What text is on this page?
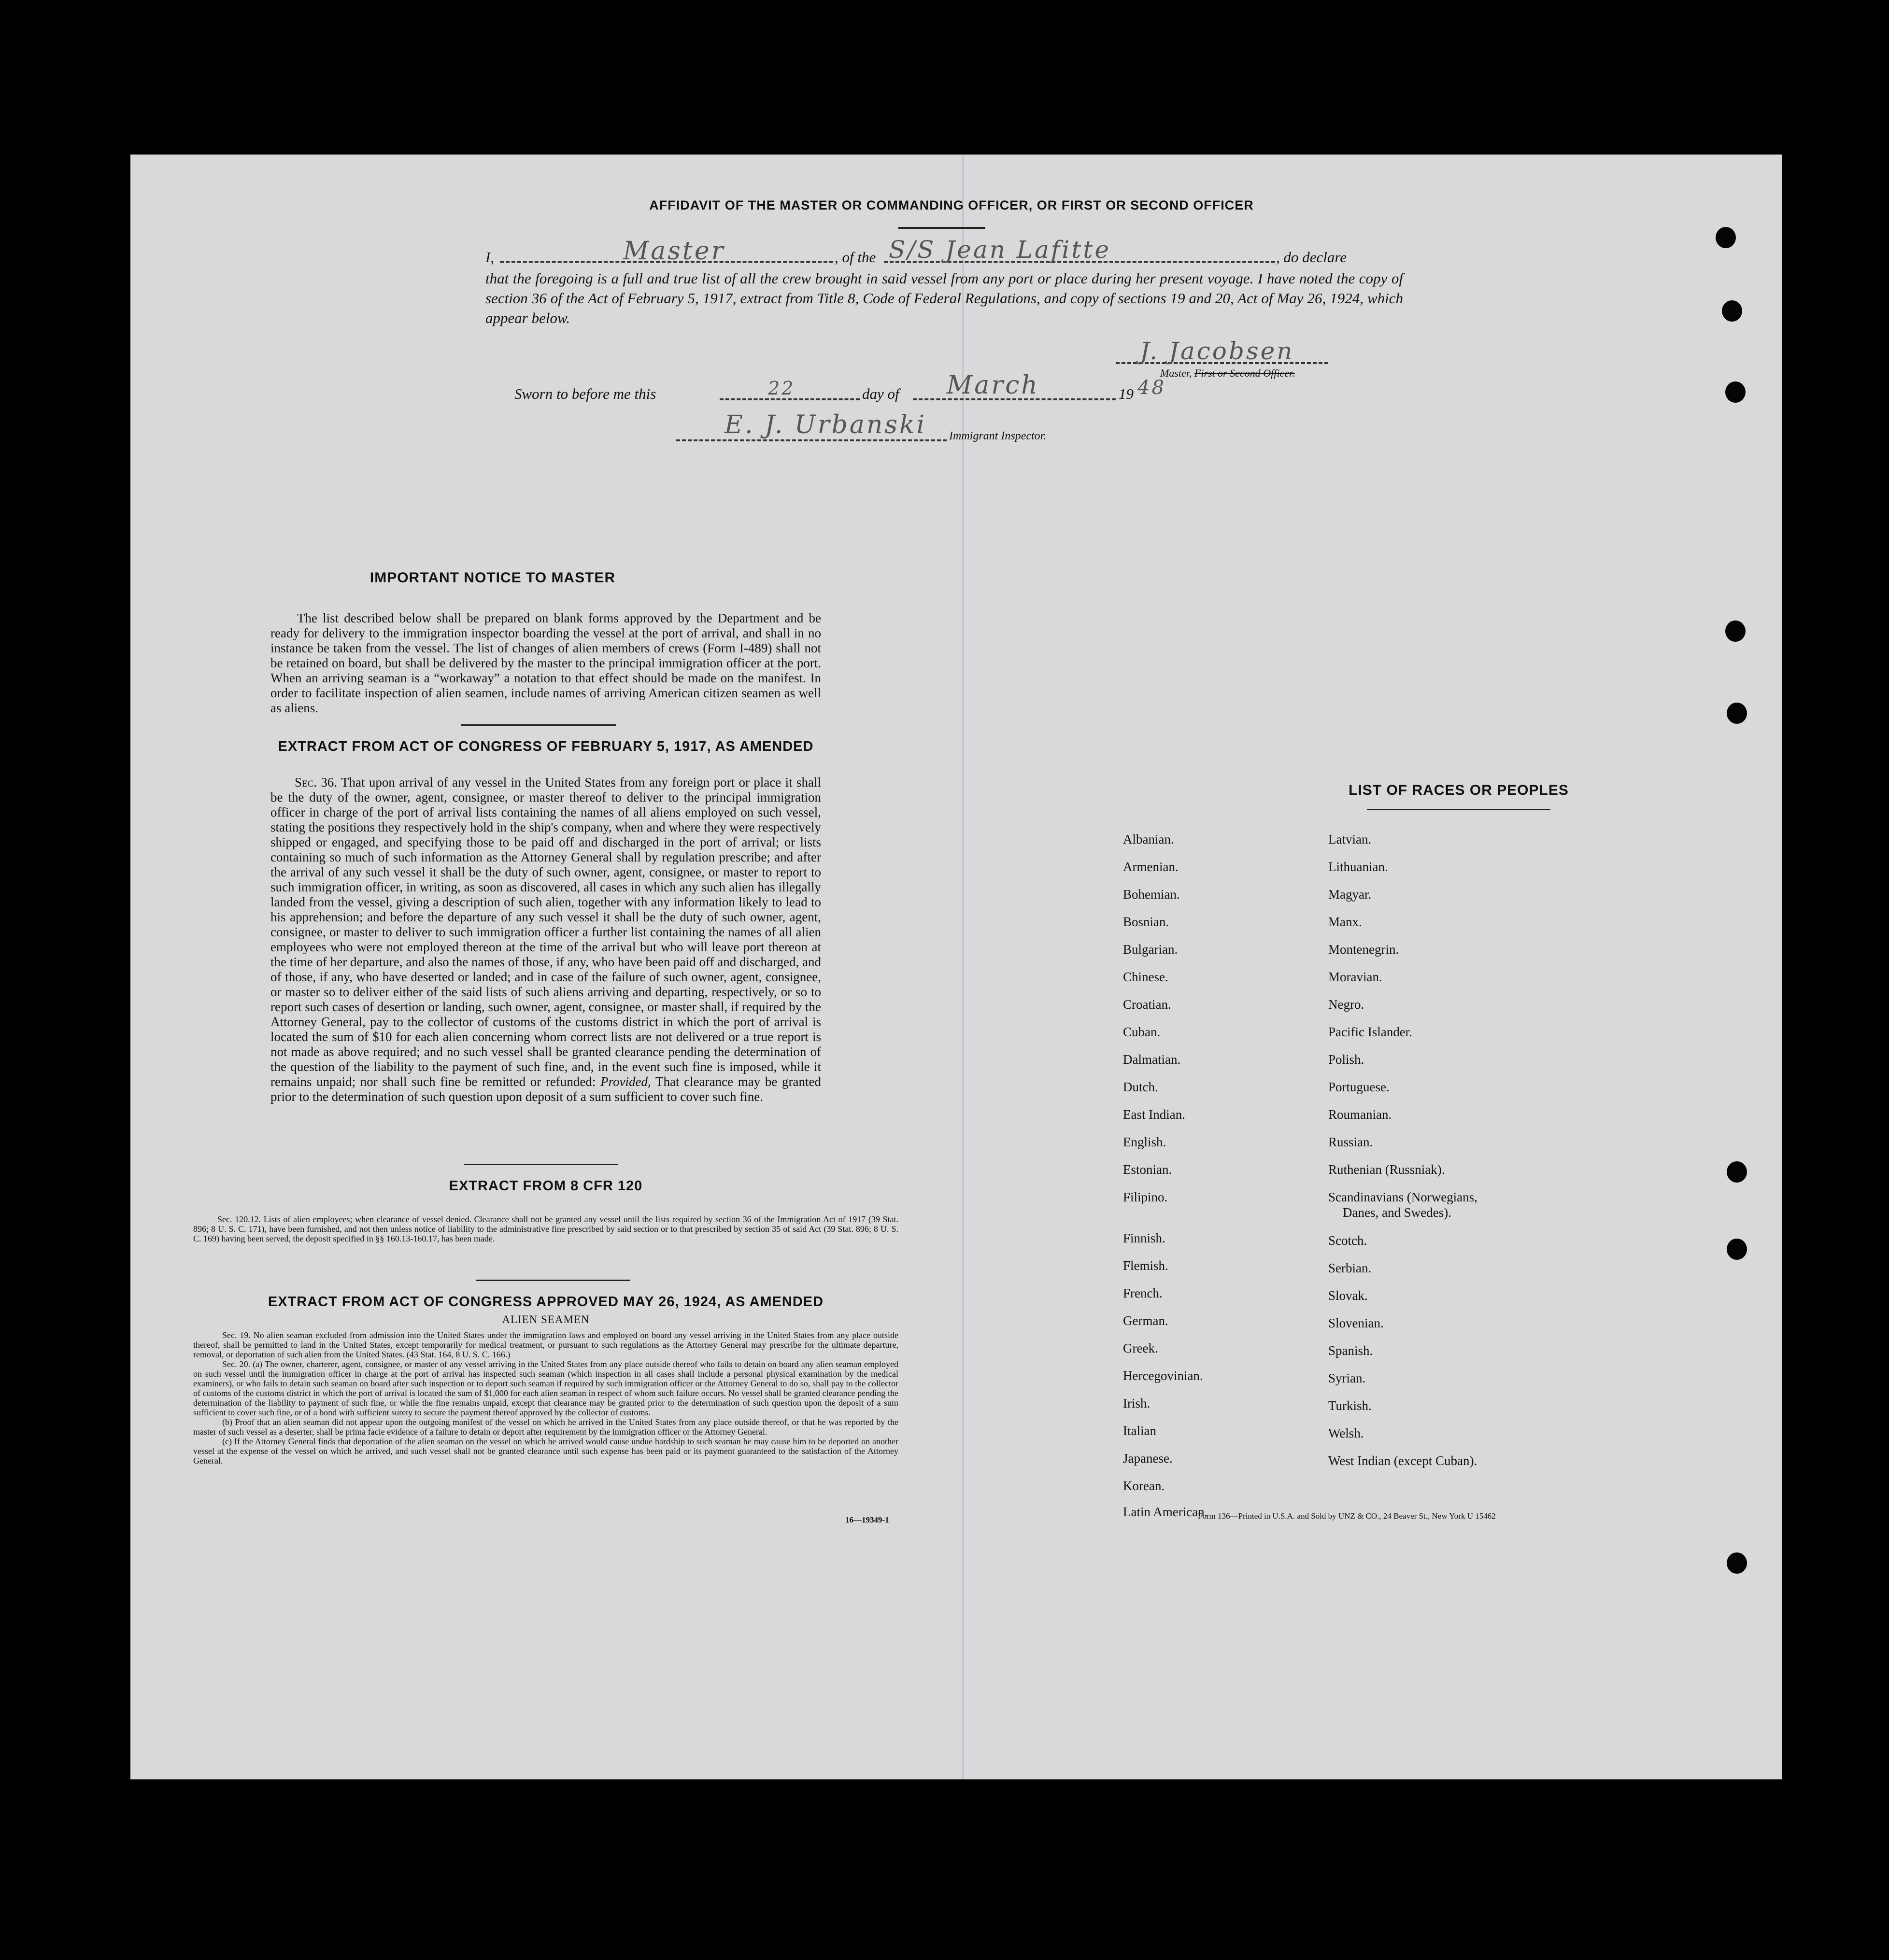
AFFIDAVIT OF THE MASTER OR COMMANDING OFFICER, OR FIRST OR SECOND OFFICER
I,	Master	, of the S/S Jean Lafitte	, do declare
that the foregoing is a full and true list of all the crew brought in said vessel from any port or place during her present voyage. I have noted the copy of section 36 of the Act of February 5, 1917, extract from Title 8, Code of Federal Regulations, and copy of sections 19 and 20, Act of May 26, 1924, which appear below.
J. Jacobsen
Master, First or Second Officer.
Sworn to before me this	22	day of March	19 48
E. J. Urbanski Immigrant Inspector.
IMPORTANT NOTICE TO MASTER
The list described below shall be prepared on blank forms approved by the Department and be ready for delivery to the immigration inspector boarding the vessel at the port of arrival, and shall in no instance be taken from the vessel. The list of changes of alien members of crews (Form I-489) shall not be retained on board, but shall be delivered by the master to the principal immigration officer at the port. When an arriving seaman is a “workaway” a notation to that effect should be made on the manifest. In order to facilitate inspection of alien seamen, include names of arriving American citizen seamen as well as aliens.
EXTRACT FROM ACT OF CONGRESS OF FEBRUARY 5, 1917, AS AMENDED
Sec. 36. That upon arrival of any vessel in the United States from any foreign port or place it shall be the duty of the owner, agent, consignee, or master thereof to deliver to the principal immigration officer in charge of the port of arrival lists containing the names of all aliens employed on such vessel, stating the positions they respectively hold in the ship's company, when and where they were respectively shipped or engaged, and specifying those to be paid off and discharged in the port of arrival; or lists containing so much of such information as the Attorney General shall by regulation prescribe; and after the arrival of any such vessel it shall be the duty of such owner, agent, consignee, or master to report to such immigration officer, in writing, as soon as discovered, all cases in which any such alien has illegally landed from the vessel, giving a description of such alien, together with any information likely to lead to his apprehension; and before the departure of any such vessel it shall be the duty of such owner, agent, consignee, or master to deliver to such immigration officer a further list containing the names of all alien employees who were not employed thereon at the time of the arrival but who will leave port thereon at the time of her departure, and also the names of those, if any, who have been paid off and discharged, and of those, if any, who have deserted or landed; and in case of the failure of such owner, agent, consignee, or master so to deliver either of the said lists of such aliens arriving and departing, respectively, or so to report such cases of desertion or landing, such owner, agent, consignee, or master shall, if required by the Attorney General, pay to the collector of customs of the customs district in which the port of arrival is located the sum of $10 for each alien concerning whom correct lists are not delivered or a true report is not made as above required; and no such vessel shall be granted clearance pending the determination of the question of the liability to the payment of such fine, and, in the event such fine is imposed, while it remains unpaid; nor shall such fine be remitted or refunded: Provided, That clearance may be granted prior to the determination of such question upon deposit of a sum sufficient to cover such fine.
EXTRACT FROM 8 CFR 120
Sec. 120.12. Lists of alien employees; when clearance of vessel denied. Clearance shall not be granted any vessel until the lists required by section 36 of the Immigration Act of 1917 (39 Stat. 896; 8 U. S. C. 171), have been furnished, and not then unless notice of liability to the administrative fine prescribed by said section or to that prescribed by section 35 of said Act (39 Stat. 896; 8 U. S. C. 169) having been served, the deposit specified in §§ 160.13-160.17, has been made.
EXTRACT FROM ACT OF CONGRESS APPROVED MAY 26, 1924, AS AMENDED
ALIEN SEAMEN
Sec. 19. No alien seaman excluded from admission into the United States under the immigration laws and employed on board any vessel arriving in the United States from any place outside thereof, shall be permitted to land in the United States, except temporarily for medical treatment, or pursuant to such regulations as the Attorney General may prescribe for the ultimate departure, removal, or deportation of such alien from the United States. (43 Stat. 164, 8 U. S. C. 166.)
Sec. 20. (a) The owner, charterer, agent, consignee, or master of any vessel arriving in the United States from any place outside thereof who fails to detain on board any alien seaman employed on such vessel until the immigration officer in charge at the port of arrival has inspected such seaman (which inspection in all cases shall include a personal physical examination by the medical examiners), or who fails to detain such seaman on board after such inspection or to deport such seaman if required by such immigration officer or the Attorney General to do so, shall pay to the collector of customs of the customs district in which the port of arrival is located the sum of $1,000 for each alien seaman in respect of whom such failure occurs. No vessel shall be granted clearance pending the determination of the liability to payment of such fine, or while the fine remains unpaid, except that clearance may be granted prior to the determination of such question upon the deposit of a sum sufficient to cover such fine, or of a bond with sufficient surety to secure the payment thereof approved by the collector of customs.
(b) Proof that an alien seaman did not appear upon the outgoing manifest of the vessel on which he arrived in the United States from any place outside thereof, or that he was reported by the master of such vessel as a deserter, shall be prima facie evidence of a failure to detain or deport after requirement by the immigration officer or the Attorney General.
(c) If the Attorney General finds that deportation of the alien seaman on the vessel on which he arrived would cause undue hardship to such seaman he may cause him to be deported on another vessel at the expense of the vessel on which he arrived, and such vessel shall not be granted clearance until such expense has been paid or its payment guaranteed to the satisfaction of the Attorney General.
16—19349-1
LIST OF RACES OR PEOPLES
Albanian.
Armenian.
Bohemian.
Bosnian.
Bulgarian.
Chinese.
Croatian.
Cuban.
Dalmatian.
Dutch.
East Indian.
English.
Estonian.
Filipino.
Finnish.
Flemish.
French.
German.
Greek.
Hercegovinian.
Irish.
Italian
Japanese.
Korean.
Latin American.
Latvian.
Lithuanian.
Magyar.
Manx.
Montenegrin.
Moravian.
Negro.
Pacific Islander.
Polish.
Portuguese.
Roumanian.
Russian.
Ruthenian (Russniak).
Scandinavians (Norwegians,
Danes, and Swedes).
Scotch.
Serbian.
Slovak.
Slovenian.
Spanish.
Syrian.
Turkish.
Welsh.
West Indian (except Cuban).
Form 136—Printed in U.S.A. and Sold by UNZ & CO., 24 Beaver St., New York U 15462
